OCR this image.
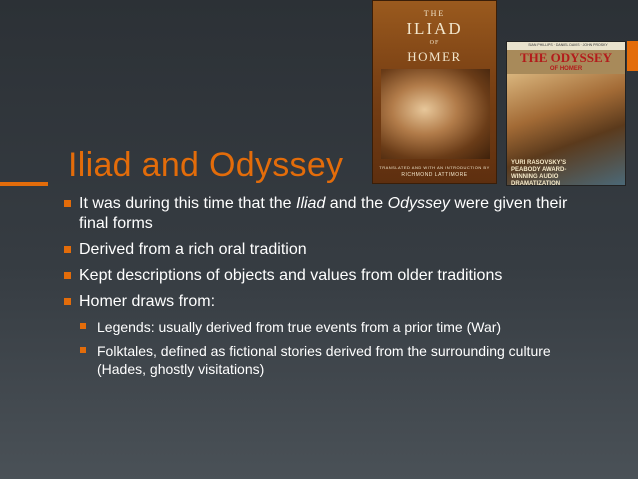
THE
ILIAD
OF
HOMER
TRANSLATED AND WITH AN INTRODUCTION BY
RICHMOND LATTIMORE
SIAN PHILLIPS · DANIEL DAVIS · JOHN PROSKY
THE ODYSSEY
OF HOMER
YURI RASOVSKY'S PEABODY AWARD-WINNING AUDIO DRAMATIZATION
Iliad and Odyssey
It was during this time that the Iliad and the Odyssey were given their final forms
Derived from a rich oral tradition
Kept descriptions of objects and values from older traditions
Homer draws from:
Legends: usually derived from true events from a prior time (War)
Folktales, defined as fictional stories derived from the surrounding culture (Hades, ghostly visitations)
